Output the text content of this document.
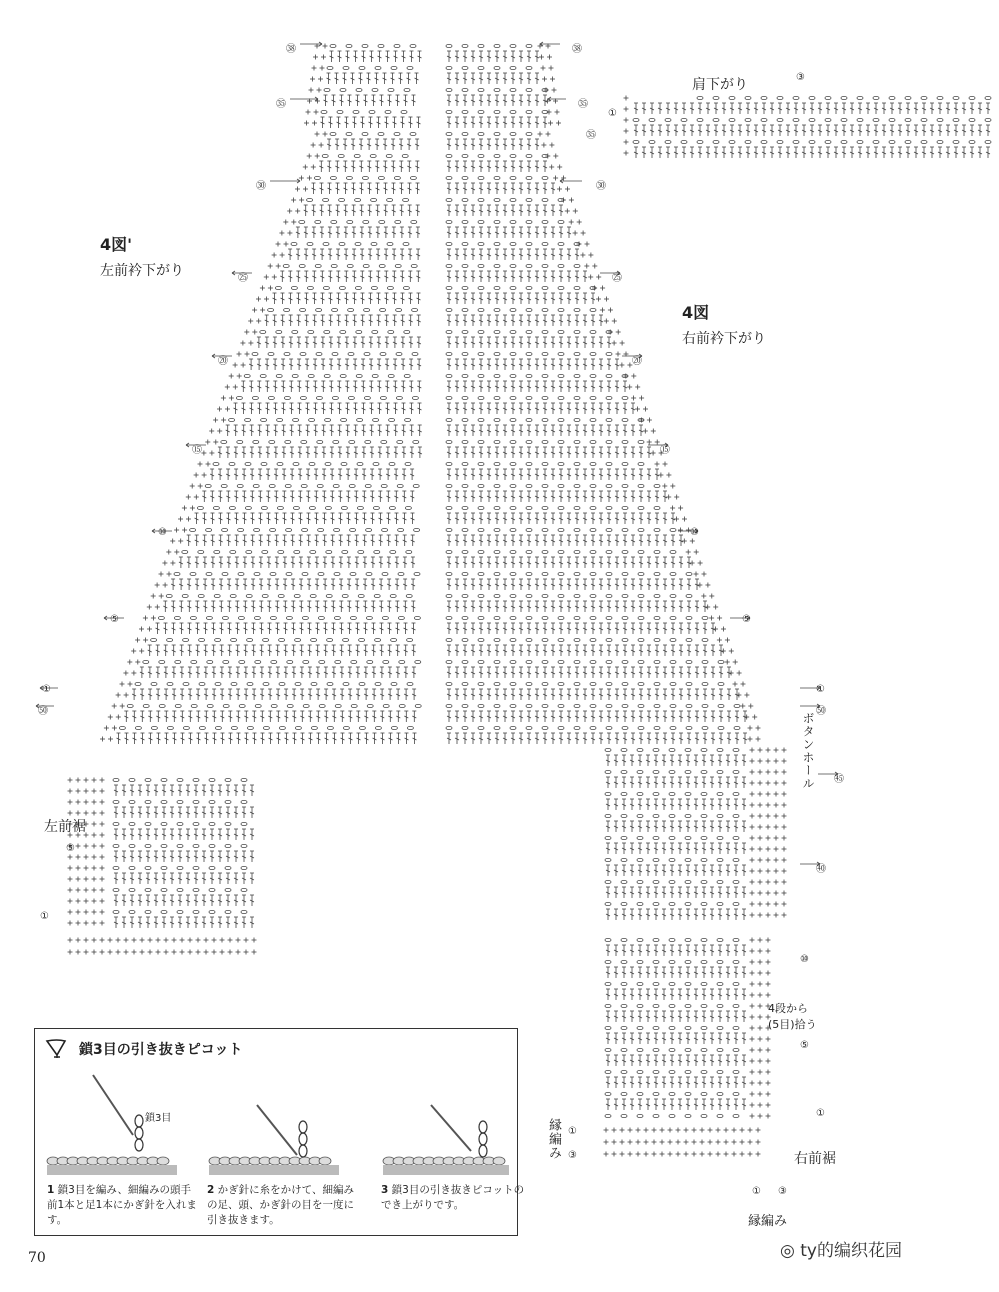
4図'
左前衿下がり
4図
右前衿下がり
肩下がり
左前裾
右前裾
ボタンホール
縁編み
縁編み
4段から
(5目)拾う
㊳
㉟
㉚
㉕
⑳
⑮
⑩
⑤
①
㊿
㊳
㉟
㉚
㉕
⑳
⑮
⑩
⑤
①
㊿
㊺
㊵
③
①
㉟
⑤
①
⑩
⑤
①
①
③
① ③
鎖3目の引き抜きピコット
鎖3目
1 鎖3目を編み、細編みの頭手前1本と足1本にかぎ針を入れます。
2 かぎ針に糸をかけて、細編みの足、頭、かぎ針の目を一度に引き抜きます。
3 鎖3目の引き抜きピコットのでき上がりです。
70	◎ ty的编织花园
